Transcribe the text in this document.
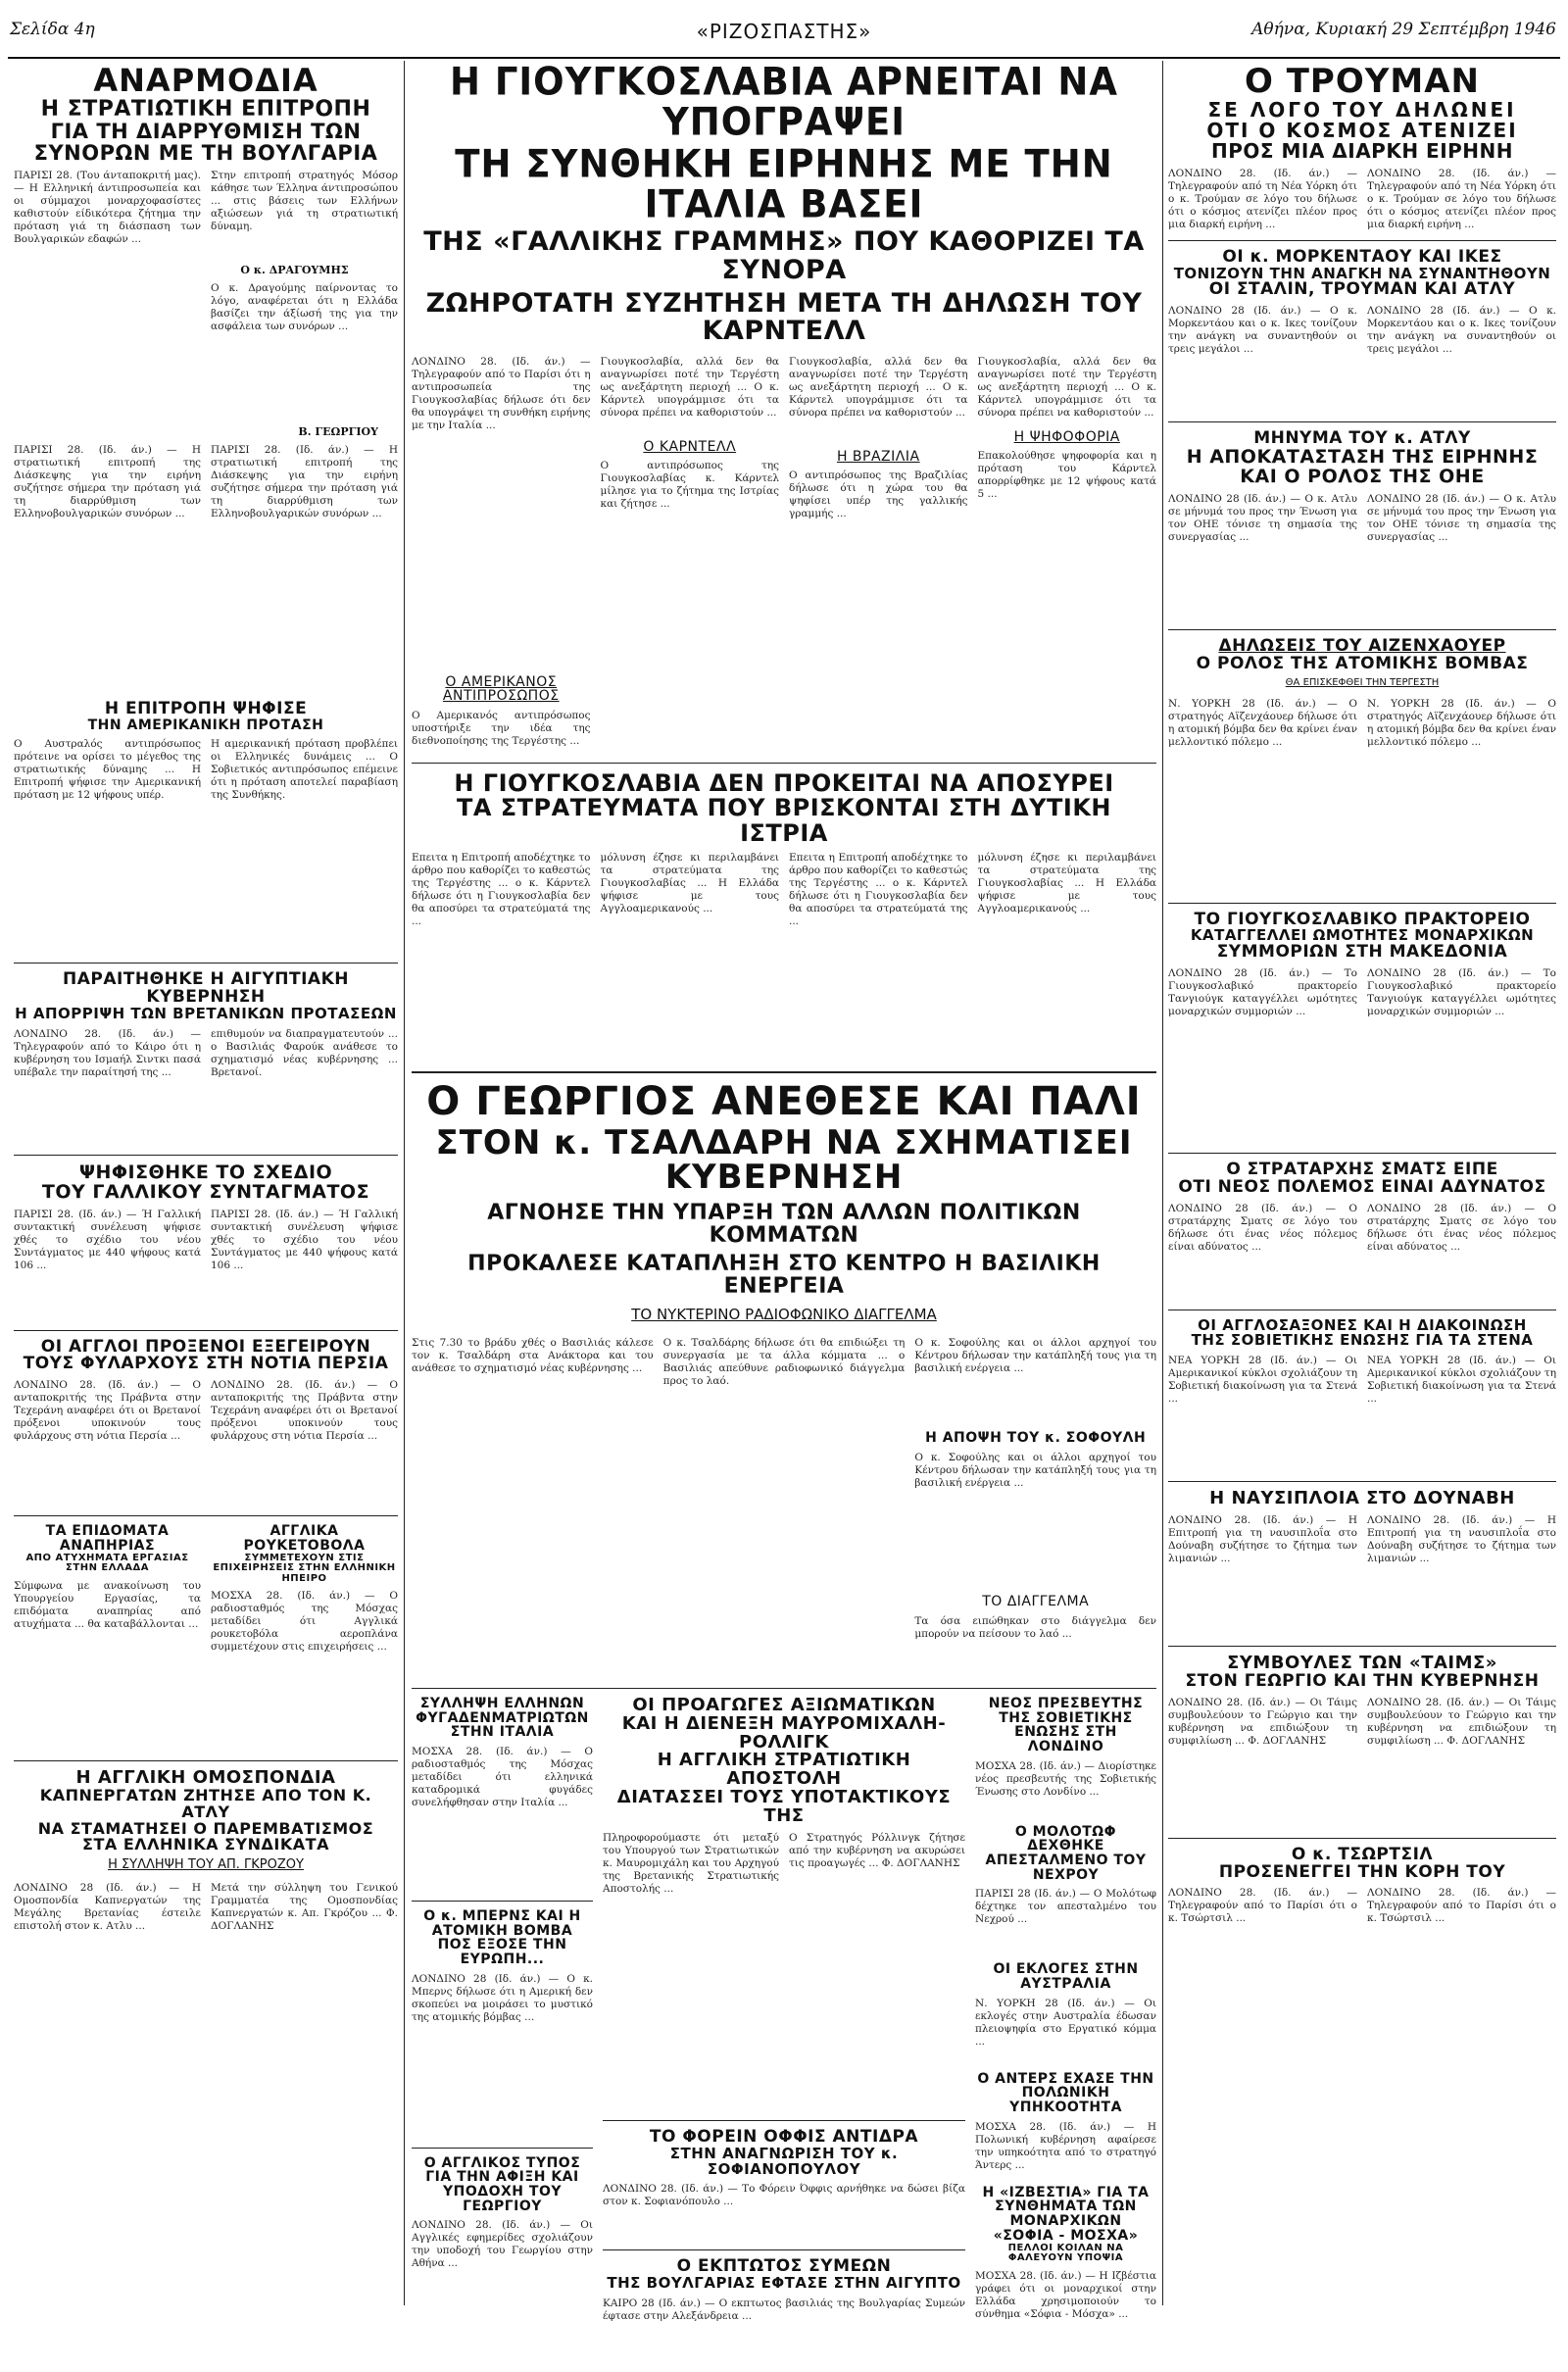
Σελίδα 4η	«ΡΙΖΟΣΠΑΣΤΗΣ»	Αθήνα, Κυριακή 29 Σεπτέμβρη 1946
ΑΝΑΡΜΟΔΙΑ
Η ΣΤΡΑΤΙΩΤΙΚΗ ΕΠΙΤΡΟΠΗ
ΓΙΑ ΤΗ ΔΙΑΡΡΥΘΜΙΣΗ ΤΩΝ
ΣΥΝΟΡΩΝ ΜΕ ΤΗ ΒΟΥΛΓΑΡΙΑ

ΠΑΡΙΣΙ 28. (Του άνταποκριτή μας). — Η Ελληνική άντιπροσωπεία και οι σύμμαχοι μοναρχοφασίστες καθιστούν είδικότερα ζήτημα την πρόταση γιά τη διάσπαση των Βουλγαρικών εδαφών ...

Στην επιτροπή στρατηγός Μόσορ κάθησε των Έλληνα άντιπροσώπου ... στις βάσεις των Ελλήνων αξιώσεων γιά τη στρατιωτική δύναμη.

Ο κ. ΔΡΑΓΟΥΜΗΣ

Ο κ. Δραγούμης παίρνοντας το λόγο, αναφέρεται ότι η Ελλάδα βασίζει την άξίωσή της για την ασφάλεια των συνόρων ...

Β. ΓΕΩΡΓΙΟΥ

ΠΑΡΙΣΙ 28. (Ιδ. άν.) — Η στρατιωτική επιτροπή της Διάσκεψης για την ειρήνη συζήτησε σήμερα την πρόταση γιά τη διαρρύθμιση των Ελληνοβουλγαρικών συνόρων ...

ΠΑΡΙΣΙ 28. (Ιδ. άν.) — Η στρατιωτική επιτροπή της Διάσκεψης για την ειρήνη συζήτησε σήμερα την πρόταση γιά τη διαρρύθμιση των Ελληνοβουλγαρικών συνόρων ...

Η ΕΠΙΤΡΟΠΗ ΨΗΦΙΣΕ
ΤΗΝ ΑΜΕΡΙΚΑΝΙΚΗ ΠΡΟΤΑΣΗ

Ο Αυστραλός αντιπρόσωπος πρότεινε να ορίσει το μέγεθος της στρατιωτικής δύναμης ... Η Επιτροπή ψήφισε την Αμερικανική πρόταση με 12 ψήφους υπέρ.

Η αμερικανική πρόταση προβλέπει οι Ελληνικές δυνάμεις ... Ο Σοβιετικός αντιπρόσωπος επέμεινε ότι η πρόταση αποτελεί παραβίαση της Συνθήκης.

ΠΑΡΑΙΤΗΘΗΚΕ Η ΑΙΓΥΠΤΙΑΚΗ ΚΥΒΕΡΝΗΣΗ
Η ΑΠΟΡΡΙΨΗ ΤΩΝ ΒΡΕΤΑΝΙΚΩΝ ΠΡΟΤΑΣΕΩΝ

ΛΟΝΔΙΝΟ 28. (Ιδ. άν.) — Τηλεγραφούν από το Κάιρο ότι η κυβέρνηση του Ισμαήλ Σιντκι πασά υπέβαλε την παραίτησή της ...

επιθυμούν να διαπραγματευτούν ... ο Βασιλιάς Φαρούκ ανάθεσε το σχηματισμό νέας κυβέρνησης ... Βρετανοί.

ΨΗΦΙΣΘΗΚΕ ΤΟ ΣΧΕΔΙΟ
ΤΟΥ ΓΑΛΛΙΚΟΥ ΣΥΝΤΑΓΜΑΤΟΣ

ΠΑΡΙΣΙ 28. (Ιδ. άν.) — Ή Γαλλική συντακτική συνέλευση ψήφισε χθές το σχέδιο του νέου Συντάγματος με 440 ψήφους κατά 106 ...

ΠΑΡΙΣΙ 28. (Ιδ. άν.) — Ή Γαλλική συντακτική συνέλευση ψήφισε χθές το σχέδιο του νέου Συντάγματος με 440 ψήφους κατά 106 ...

ΟΙ ΑΓΓΛΟΙ ΠΡΟΞΕΝΟΙ ΕΞΕΓΕΙΡΟΥΝ
ΤΟΥΣ ΦΥΛΑΡΧΟΥΣ ΣΤΗ ΝΟΤΙΑ ΠΕΡΣΙΑ

ΛΟΝΔΙΝΟ 28. (Ιδ. άν.) — Ο ανταποκριτής της Πράβντα στην Τεχεράνη αναφέρει ότι οι Βρετανοί πρόξενοι υποκινούν τους φυλάρχους στη νότια Περσία ...

ΛΟΝΔΙΝΟ 28. (Ιδ. άν.) — Ο ανταποκριτής της Πράβντα στην Τεχεράνη αναφέρει ότι οι Βρετανοί πρόξενοι υποκινούν τους φυλάρχους στη νότια Περσία ...

ΤΑ ΕΠΙΔΟΜΑΤΑ ΑΝΑΠΗΡΙΑΣ
ΑΠΟ ΑΤΥΧΗΜΑΤΑ ΕΡΓΑΣΙΑΣ ΣΤΗΝ ΕΛΛΑΔΑ

Σύμφωνα με ανακοίνωση του Υπουργείου Εργασίας, τα επιδόματα αναπηρίας από ατυχήματα ... θα καταβάλλονται ...

ΑΓΓΛΙΚΑ ΡΟΥΚΕΤΟΒΟΛΑ
ΣΥΜΜΕΤΕΧΟΥΝ ΣΤΙΣ ΕΠΙΧΕΙΡΗΣΕΙΣ ΣΤΗΝ ΕΛΛΗΝΙΚΗ ΗΠΕΙΡΟ

ΜΟΣΧΑ 28. (Ιδ. άν.) — Ο ραδιοσταθμός της Μόσχας μεταδίδει ότι Αγγλικά ρουκετοβόλα αεροπλάνα συμμετέχουν στις επιχειρήσεις ...

Η ΑΓΓΛΙΚΗ ΟΜΟΣΠΟΝΔΙΑ
ΚΑΠΝΕΡΓΑΤΩΝ ΖΗΤΗΣΕ ΑΠΟ ΤΟΝ Κ. ΑΤΛΥ
ΝΑ ΣΤΑΜΑΤΗΣΕΙ Ο ΠΑΡΕΜΒΑΤΙΣΜΟΣ
ΣΤΑ ΕΛΛΗΝΙΚΑ ΣΥΝΔΙΚΑΤΑ
Η ΣΥΛΛΗΨΗ ΤΟΥ ΑΠ. ΓΚΡΟΖΟΥ

ΛΟΝΔΙΝΟ 28 (Ιδ. άν.) — Η Ομοσπονδία Καπνεργατών της Μεγάλης Βρετανίας έστειλε επιστολή στον κ. Ατλυ ...

Μετά την σύλληψη του Γενικού Γραμματέα της Ομοσπονδίας Καπνεργατών κ. Απ. Γκρόζου ... Φ. ΔΟΓΛΑΝΗΣ

Η ΓΙΟΥΓΚΟΣΛΑΒΙΑ ΑΡΝΕΙΤΑΙ ΝΑ ΥΠΟΓΡΑΨΕΙ
ΤΗ ΣΥΝΘΗΚΗ ΕΙΡΗΝΗΣ ΜΕ ΤΗΝ ΙΤΑΛΙΑ ΒΑΣΕΙ
ΤΗΣ «ΓΑΛΛΙΚΗΣ ΓΡΑΜΜΗΣ» ΠΟΥ ΚΑΘΟΡΙΖΕΙ ΤΑ ΣΥΝΟΡΑ
ΖΩΗΡΟΤΑΤΗ ΣΥΖΗΤΗΣΗ ΜΕΤΑ ΤΗ ΔΗΛΩΣΗ ΤΟΥ ΚΑΡΝΤΕΛΛ

ΛΟΝΔΙΝΟ 28. (Ιδ. άν.) — Τηλεγραφούν από το Παρίσι ότι η αντιπροσωπεία της Γιουγκοσλαβίας δήλωσε ότι δεν θα υπογράψει τη συνθήκη ειρήνης με την Ιταλία ...

Ο ΑΜΕΡΙΚΑΝΟΣ ΑΝΤΙΠΡΟΣΩΠΟΣ

Ο Αμερικανός αντιπρόσωπος υποστήριξε την ιδέα της διεθνοποίησης της Τεργέστης ...

Γιουγκοσλαβία, αλλά δεν θα αναγνωρίσει ποτέ την Τεργέστη ως ανεξάρτητη περιοχή ... Ο κ. Κάρντελ υπογράμμισε ότι τα σύνορα πρέπει να καθοριστούν ...

Ο ΚΑΡΝΤΕΛΛ

Ο αντιπρόσωπος της Γιουγκοσλαβίας κ. Κάρντελ μίλησε για το ζήτημα της Ιστρίας και ζήτησε ...

Γιουγκοσλαβία, αλλά δεν θα αναγνωρίσει ποτέ την Τεργέστη ως ανεξάρτητη περιοχή ... Ο κ. Κάρντελ υπογράμμισε ότι τα σύνορα πρέπει να καθοριστούν ...

Η ΒΡΑΖΙΛΙΑ

Ο αντιπρόσωπος της Βραζιλίας δήλωσε ότι η χώρα του θα ψηφίσει υπέρ της γαλλικής γραμμής ...

Γιουγκοσλαβία, αλλά δεν θα αναγνωρίσει ποτέ την Τεργέστη ως ανεξάρτητη περιοχή ... Ο κ. Κάρντελ υπογράμμισε ότι τα σύνορα πρέπει να καθοριστούν ...

Η ΨΗΦΟΦΟΡΙΑ

Επακολούθησε ψηφοφορία και η πρόταση του Κάρντελ απορρίφθηκε με 12 ψήφους κατά 5 ...

Η ΓΙΟΥΓΚΟΣΛΑΒΙΑ ΔΕΝ ΠΡΟΚΕΙΤΑΙ ΝΑ ΑΠΟΣΥΡΕΙ
ΤΑ ΣΤΡΑΤΕΥΜΑΤΑ ΠΟΥ ΒΡΙΣΚΟΝΤΑΙ ΣΤΗ ΔΥΤΙΚΗ ΙΣΤΡΙΑ

Επειτα η Επιτροπή αποδέχτηκε το άρθρο που καθορίζει το καθεστώς της Τεργέστης ... ο κ. Κάρντελ δήλωσε ότι η Γιουγκοσλαβία δεν θα αποσύρει τα στρατεύματά της ...

μόλυνση έζησε κι περιλαμβάνει τα στρατεύματα της Γιουγκοσλαβίας ... Η Ελλάδα ψήφισε με τους Αγγλοαμερικανούς ...

Επειτα η Επιτροπή αποδέχτηκε το άρθρο που καθορίζει το καθεστώς της Τεργέστης ... ο κ. Κάρντελ δήλωσε ότι η Γιουγκοσλαβία δεν θα αποσύρει τα στρατεύματά της ...

μόλυνση έζησε κι περιλαμβάνει τα στρατεύματα της Γιουγκοσλαβίας ... Η Ελλάδα ψήφισε με τους Αγγλοαμερικανούς ...

Ο ΓΕΩΡΓΙΟΣ ΑΝΕΘΕΣΕ ΚΑΙ ΠΑΛΙ
ΣΤΟΝ κ. ΤΣΑΛΔΑΡΗ ΝΑ ΣΧΗΜΑΤΙΣΕΙ ΚΥΒΕΡΝΗΣΗ
ΑΓΝΟΗΣΕ ΤΗΝ ΥΠΑΡΞΗ ΤΩΝ ΑΛΛΩΝ ΠΟΛΙΤΙΚΩΝ ΚΟΜΜΑΤΩΝ
ΠΡΟΚΑΛΕΣΕ ΚΑΤΑΠΛΗΞΗ ΣΤΟ ΚΕΝΤΡΟ Η ΒΑΣΙΛΙΚΗ ΕΝΕΡΓΕΙΑ
ΤΟ ΝΥΚΤΕΡΙΝΟ ΡΑΔΙΟΦΩΝΙΚΟ ΔΙΑΓΓΕΛΜΑ

Στις 7.30 το βράδυ χθές ο Βασιλιάς κάλεσε τον κ. Τσαλδάρη στα Ανάκτορα και του ανάθεσε το σχηματισμό νέας κυβέρνησης ...

Ο κ. Τσαλδάρης δήλωσε ότι θα επιδιώξει τη συνεργασία με τα άλλα κόμματα ... ο Βασιλιάς απεύθυνε ραδιοφωνικό διάγγελμα προς το λαό.

Ο κ. Σοφούλης και οι άλλοι αρχηγοί του Κέντρου δήλωσαν την κατάπληξή τους για τη βασιλική ενέργεια ...

Η ΑΠΟΨΗ ΤΟΥ κ. ΣΟΦΟΥΛΗ

Ο κ. Σοφούλης και οι άλλοι αρχηγοί του Κέντρου δήλωσαν την κατάπληξή τους για τη βασιλική ενέργεια ...

ΤΟ ΔΙΑΓΓΕΛΜΑ

Τα όσα ειπώθηκαν στο διάγγελμα δεν μπορούν να πείσουν το λαό ...

ΣΥΛΛΗΨΗ ΕΛΛΗΝΩΝ ΦΥΓΑΔΕΝΜΑΤΡΙΩΤΩΝ ΣΤΗΝ ΙΤΑΛΙΑ

ΜΟΣΧΑ 28. (Ιδ. άν.) — Ο ραδιοσταθμός της Μόσχας μεταδίδει ότι ελληνικά καταδρομικά φυγάδες συνελήφθησαν στην Ιταλία ...

Ο κ. ΜΠΕΡΝΣ ΚΑΙ Η ΑΤΟΜΙΚΗ ΒΟΜΒΑ
ΠΟΣ ΕΞΟΣΕ ΤΗΝ ΕΥΡΩΠΗ...

ΛΟΝΔΙΝΟ 28 (Ιδ. άν.) — Ο κ. Μπερνς δήλωσε ότι η Αμερική δεν σκοπεύει να μοιράσει το μυστικό της ατομικής βόμβας ...

Ο ΑΓΓΛΙΚΟΣ ΤΥΠΟΣ ΓΙΑ ΤΗΝ ΑΦΙΞΗ ΚΑΙ ΥΠΟΔΟΧΗ ΤΟΥ ΓΕΩΡΓΙΟΥ

ΛΟΝΔΙΝΟ 28. (Ιδ. άν.) — Οι Αγγλικές εφημερίδες σχολιάζουν την υποδοχή του Γεωργίου στην Αθήνα ...

ΟΙ ΠΡΟΑΓΩΓΕΣ ΑΞΙΩΜΑΤΙΚΩΝ
ΚΑΙ Η ΔΙΕΝΕΞΗ ΜΑΥΡΟΜΙΧΑΛΗ-ΡΟΛΛΙΓΚ
Η ΑΓΓΛΙΚΗ ΣΤΡΑΤΙΩΤΙΚΗ ΑΠΟΣΤΟΛΗ
ΔΙΑΤΑΣΣΕΙ ΤΟΥΣ ΥΠΟΤΑΚΤΙΚΟΥΣ ΤΗΣ

Πληροφορούμαστε ότι μεταξύ του Υπουργού των Στρατιωτικών κ. Μαυρομιχάλη και του Αρχηγού της Βρετανικής Στρατιωτικής Αποστολής ...

Ο Στρατηγός Ρόλλινγκ ζήτησε από την κυβέρνηση να ακυρώσει τις προαγωγές ... Φ. ΔΟΓΛΑΝΗΣ

ΤΟ ΦΟΡΕΙΝ ΟΦΦΙΣ ΑΝΤΙΔΡΑ
ΣΤΗΝ ΑΝΑΓΝΩΡΙΣΗ ΤΟΥ κ. ΣΟΦΙΑΝΟΠΟΥΛΟΥ

ΛΟΝΔΙΝΟ 28. (Ιδ. άν.) — Το Φόρειν Όφφις αρνήθηκε να δώσει βίζα στον κ. Σοφιανόπουλο ...

Ο ΕΚΠΤΩΤΟΣ ΣΥΜΕΩΝ
ΤΗΣ ΒΟΥΛΓΑΡΙΑΣ ΕΦΤΑΣΕ ΣΤΗΝ ΑΙΓΥΠΤΟ

ΚΑΙΡΟ 28 (Ιδ. άν.) — Ο εκπτωτος βασιλιάς της Βουλγαρίας Συμεών έφτασε στην Αλεξάνδρεια ...

ΝΕΟΣ ΠΡΕΣΒΕΥΤΗΣ ΤΗΣ ΣΟΒΙΕΤΙΚΗΣ ΕΝΩΣΗΣ ΣΤΗ ΛΟΝΔΙΝΟ

ΜΟΣΧΑ 28. (Ιδ. άν.) — Διορίστηκε νέος πρεσβευτής της Σοβιετικής Ένωσης στο Λονδίνο ...

Ο ΜΟΛΟΤΩΦ ΔΕΧΘΗΚΕ ΑΠΕΣΤΑΛΜΕΝΟ ΤΟΥ ΝΕΧΡΟΥ

ΠΑΡΙΣΙ 28 (Ιδ. άν.) — Ο Μολότωφ δέχτηκε τον απεσταλμένο του Νεχρού ...

ΟΙ ΕΚΛΟΓΕΣ ΣΤΗΝ ΑΥΣΤΡΑΛΙΑ

Ν. ΥΟΡΚΗ 28 (Ιδ. άν.) — Οι εκλογές στην Αυστραλία έδωσαν πλειοψηφία στο Εργατικό κόμμα ...

Ο ΑΝΤΕΡΣ ΕΧΑΣΕ ΤΗΝ ΠΟΛΩΝΙΚΗ ΥΠΗΚΟΟΤΗΤΑ

ΜΟΣΧΑ 28. (Ιδ. άν.) — Η Πολωνική κυβέρνηση αφαίρεσε την υπηκοότητα από το στρατηγό Άντερς ...

Η «ΙΖΒΕΣΤΙΑ» ΓΙΑ ΤΑ ΣΥΝΘΗΜΑΤΑ ΤΩΝ ΜΟΝΑΡΧΙΚΩΝ
«ΣΟΦΙΑ - ΜΟΣΧΑ»
ΠΕΛΛΟΙ ΚΟΙΛΑΝ ΝΑ ΦΑΛΕΥΟΥΝ ΥΠΟΨΙΑ

ΜΟΣΧΑ 28. (Ιδ. άν.) — Η Ιζβέστια γράφει ότι οι μοναρχικοί στην Ελλάδα χρησιμοποιούν το σύνθημα «Σόφια - Μόσχα» ...

Ο ΤΡΟΥΜΑΝ
ΣΕ ΛΟΓΟ ΤΟΥ ΔΗΛΩΝΕΙ
ΟΤΙ Ο ΚΟΣΜΟΣ ΑΤΕΝΙΖΕΙ
ΠΡΟΣ ΜΙΑ ΔΙΑΡΚΗ ΕΙΡΗΝΗ

ΛΟΝΔΙΝΟ 28. (Ιδ. άν.) — Τηλεγραφούν από τη Νέα Υόρκη ότι ο κ. Τρούμαν σε λόγο του δήλωσε ότι ο κόσμος ατενίζει πλέον προς μια διαρκή ειρήνη ...

ΛΟΝΔΙΝΟ 28. (Ιδ. άν.) — Τηλεγραφούν από τη Νέα Υόρκη ότι ο κ. Τρούμαν σε λόγο του δήλωσε ότι ο κόσμος ατενίζει πλέον προς μια διαρκή ειρήνη ...

ΟΙ κ. ΜΟΡΚΕΝΤΑΟΥ ΚΑΙ ΙΚΕΣ
ΤΟΝΙΖΟΥΝ ΤΗΝ ΑΝΑΓΚΗ ΝΑ ΣΥΝΑΝΤΗΘΟΥΝ
ΟΙ ΣΤΑΛΙΝ, ΤΡΟΥΜΑΝ ΚΑΙ ΑΤΛΥ

ΛΟΝΔΙΝΟ 28 (Ιδ. άν.) — Ο κ. Μορκεντάου και ο κ. Ικες τονίζουν την ανάγκη να συναντηθούν οι τρεις μεγάλοι ...

ΛΟΝΔΙΝΟ 28 (Ιδ. άν.) — Ο κ. Μορκεντάου και ο κ. Ικες τονίζουν την ανάγκη να συναντηθούν οι τρεις μεγάλοι ...

ΜΗΝΥΜΑ ΤΟΥ κ. ΑΤΛΥ
Η ΑΠΟΚΑΤΑΣΤΑΣΗ ΤΗΣ ΕΙΡΗΝΗΣ
ΚΑΙ Ο ΡΟΛΟΣ ΤΗΣ ΟΗΕ

ΛΟΝΔΙΝΟ 28 (Ιδ. άν.) — Ο κ. Ατλυ σε μήνυμά του προς την Ένωση για τον ΟΗΕ τόνισε τη σημασία της συνεργασίας ...

ΛΟΝΔΙΝΟ 28 (Ιδ. άν.) — Ο κ. Ατλυ σε μήνυμά του προς την Ένωση για τον ΟΗΕ τόνισε τη σημασία της συνεργασίας ...

ΔΗΛΩΣΕΙΣ ΤΟΥ ΑΙΖΕΝΧΑΟΥΕΡ
Ο ΡΟΛΟΣ ΤΗΣ ΑΤΟΜΙΚΗΣ ΒΟΜΒΑΣ
ΘΑ ΕΠΙΣΚΕΦΘΕΙ ΤΗΝ ΤΕΡΓΕΣΤΗ

Ν. ΥΟΡΚΗ 28 (Ιδ. άν.) — Ο στρατηγός Αϊζενχάουερ δήλωσε ότι η ατομική βόμβα δεν θα κρίνει έναν μελλοντικό πόλεμο ...

Ν. ΥΟΡΚΗ 28 (Ιδ. άν.) — Ο στρατηγός Αϊζενχάουερ δήλωσε ότι η ατομική βόμβα δεν θα κρίνει έναν μελλοντικό πόλεμο ...

ΤΟ ΓΙΟΥΓΚΟΣΛΑΒΙΚΟ ΠΡΑΚΤΟΡΕΙΟ
ΚΑΤΑΓΓΕΛΛΕΙ ΩΜΟΤΗΤΕΣ ΜΟΝΑΡΧΙΚΩΝ
ΣΥΜΜΟΡΙΩΝ ΣΤΗ ΜΑΚΕΔΟΝΙΑ

ΛΟΝΔΙΝΟ 28 (Ιδ. άν.) — Το Γιουγκοσλαβικό πρακτορείο Τανγιούγκ καταγγέλλει ωμότητες μοναρχικών συμμοριών ...

ΛΟΝΔΙΝΟ 28 (Ιδ. άν.) — Το Γιουγκοσλαβικό πρακτορείο Τανγιούγκ καταγγέλλει ωμότητες μοναρχικών συμμοριών ...

Ο ΣΤΡΑΤΑΡΧΗΣ ΣΜΑΤΣ ΕΙΠΕ
ΟΤΙ ΝΕΟΣ ΠΟΛΕΜΟΣ ΕΙΝΑΙ ΑΔΥΝΑΤΟΣ

ΛΟΝΔΙΝΟ 28 (Ιδ. άν.) — Ο στρατάρχης Σματς σε λόγο του δήλωσε ότι ένας νέος πόλεμος είναι αδύνατος ...

ΛΟΝΔΙΝΟ 28 (Ιδ. άν.) — Ο στρατάρχης Σματς σε λόγο του δήλωσε ότι ένας νέος πόλεμος είναι αδύνατος ...

ΟΙ ΑΓΓΛΟΣΑΞΟΝΕΣ ΚΑΙ Η ΔΙΑΚΟΙΝΩΣΗ
ΤΗΣ ΣΟΒΙΕΤΙΚΗΣ ΕΝΩΣΗΣ ΓΙΑ ΤΑ ΣΤΕΝΑ

ΝΕΑ ΥΟΡΚΗ 28 (Ιδ. άν.) — Οι Αμερικανικοί κύκλοι σχολιάζουν τη Σοβιετική διακοίνωση για τα Στενά ...

ΝΕΑ ΥΟΡΚΗ 28 (Ιδ. άν.) — Οι Αμερικανικοί κύκλοι σχολιάζουν τη Σοβιετική διακοίνωση για τα Στενά ...

Η ΝΑΥΣΙΠΛΟΙΑ ΣΤΟ ΔΟΥΝΑΒΗ

ΛΟΝΔΙΝΟ 28. (Ιδ. άν.) — Η Επιτροπή για τη ναυσιπλοΐα στο Δούναβη συζήτησε το ζήτημα των λιμανιών ...

ΛΟΝΔΙΝΟ 28. (Ιδ. άν.) — Η Επιτροπή για τη ναυσιπλοΐα στο Δούναβη συζήτησε το ζήτημα των λιμανιών ...

ΣΥΜΒΟΥΛΕΣ ΤΩΝ «ΤΑΙΜΣ»
ΣΤΟΝ ΓΕΩΡΓΙΟ ΚΑΙ ΤΗΝ ΚΥΒΕΡΝΗΣΗ

ΛΟΝΔΙΝΟ 28. (Ιδ. άν.) — Οι Τάιμς συμβουλεύουν το Γεώργιο και την κυβέρνηση να επιδιώξουν τη συμφιλίωση ... Φ. ΔΟΓΛΑΝΗΣ

ΛΟΝΔΙΝΟ 28. (Ιδ. άν.) — Οι Τάιμς συμβουλεύουν το Γεώργιο και την κυβέρνηση να επιδιώξουν τη συμφιλίωση ... Φ. ΔΟΓΛΑΝΗΣ

Ο κ. ΤΣΩΡΤΣΙΛ
ΠΡΟΣΕΝΕΓΓΕΙ ΤΗΝ ΚΟΡΗ ΤΟΥ

ΛΟΝΔΙΝΟ 28. (Ιδ. άν.) — Τηλεγραφούν από το Παρίσι ότι ο κ. Τσώρτσιλ ...

ΛΟΝΔΙΝΟ 28. (Ιδ. άν.) — Τηλεγραφούν από το Παρίσι ότι ο κ. Τσώρτσιλ ...
